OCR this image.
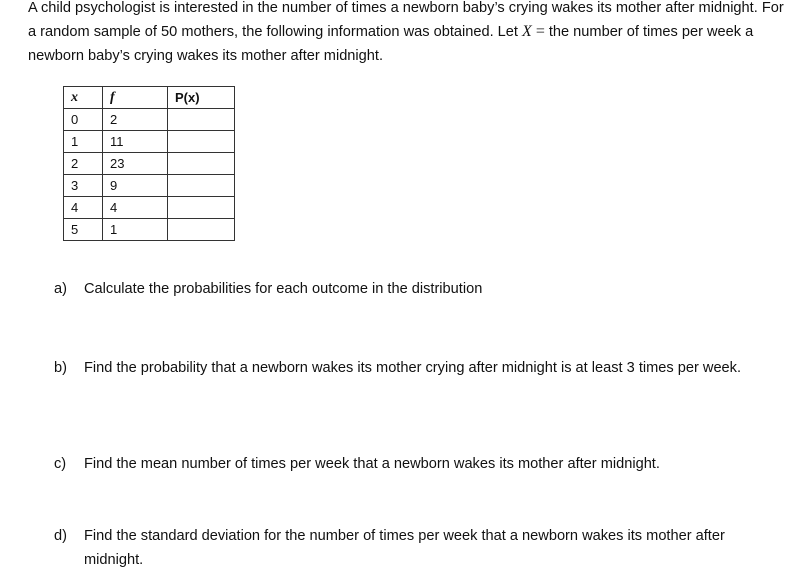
A child psychologist is interested in the number of times a newborn baby’s crying wakes its mother after midnight. For a random sample of 50 mothers, the following information was obtained. Let X = the number of times per week a newborn baby’s crying wakes its mother after midnight.
x	f	P(x)
0	2	
1	11	
2	23	
3	9	
4	4	
5	1	
a) Calculate the probabilities for each outcome in the distribution
b) Find the probability that a newborn wakes its mother crying after midnight is at least 3 times per week.
c) Find the mean number of times per week that a newborn wakes its mother after midnight.
d) Find the standard deviation for the number of times per week that a newborn wakes its mother after midnight.
